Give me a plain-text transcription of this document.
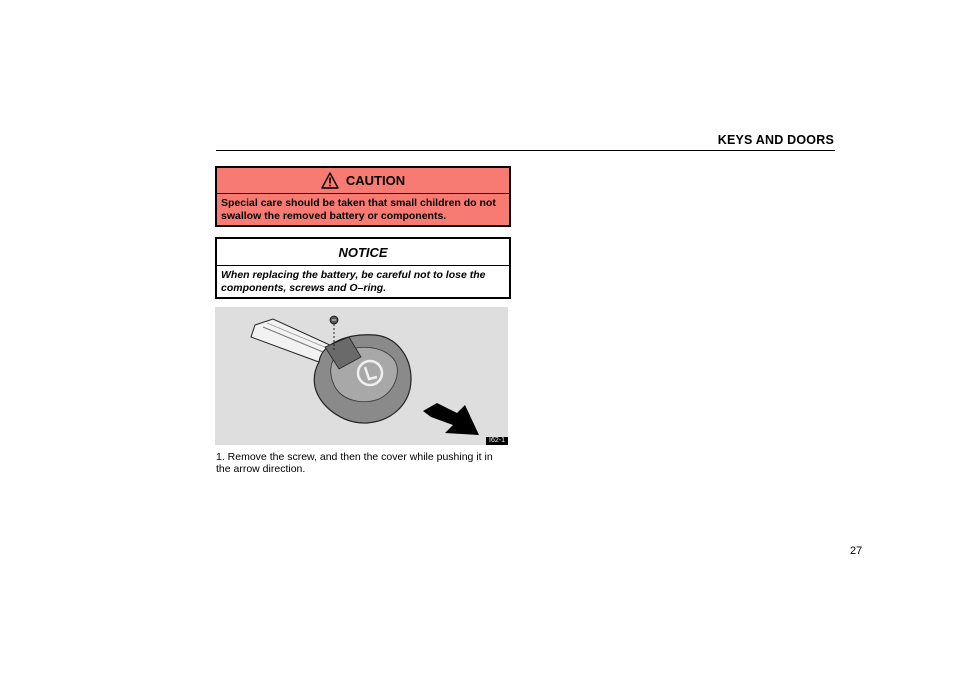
KEYS AND DOORS
CAUTION
Special care should be taken that small children do not swallow the removed battery or components.
NOTICE
When replacing the battery, be careful not to lose the components, screws and O–ring.
I62-1
1. Remove the screw, and then the cover while pushing it in the arrow direction.
27
